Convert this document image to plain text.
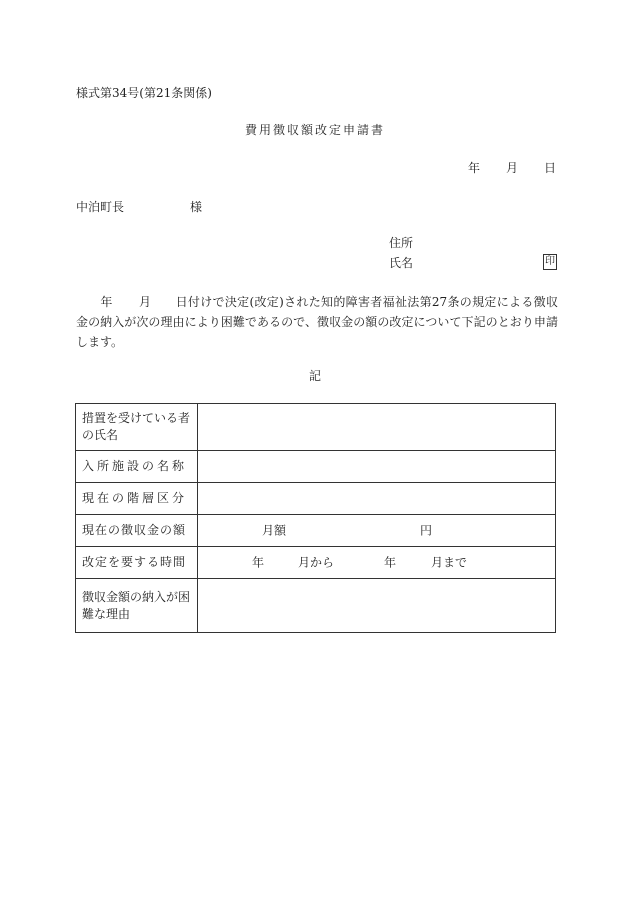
様式第34号(第21条関係)
費用徴収額改定申請書
年 月 日
中泊町長	様
住所
氏名	印
年 月 日付けで決定(改定)された知的障害者福祉法第27条の規定による徴収金の納入が次の理由により困難であるので、徴収金の額の改定について下記のとおり申請します。
記
措置を受けている者の氏名	
入所施設の名称	
現在の階層区分	
現在の徴収金の額	月額 円

改定を要する時間	年 月から 年 月まで

徴収金額の納入が困難な理由	
